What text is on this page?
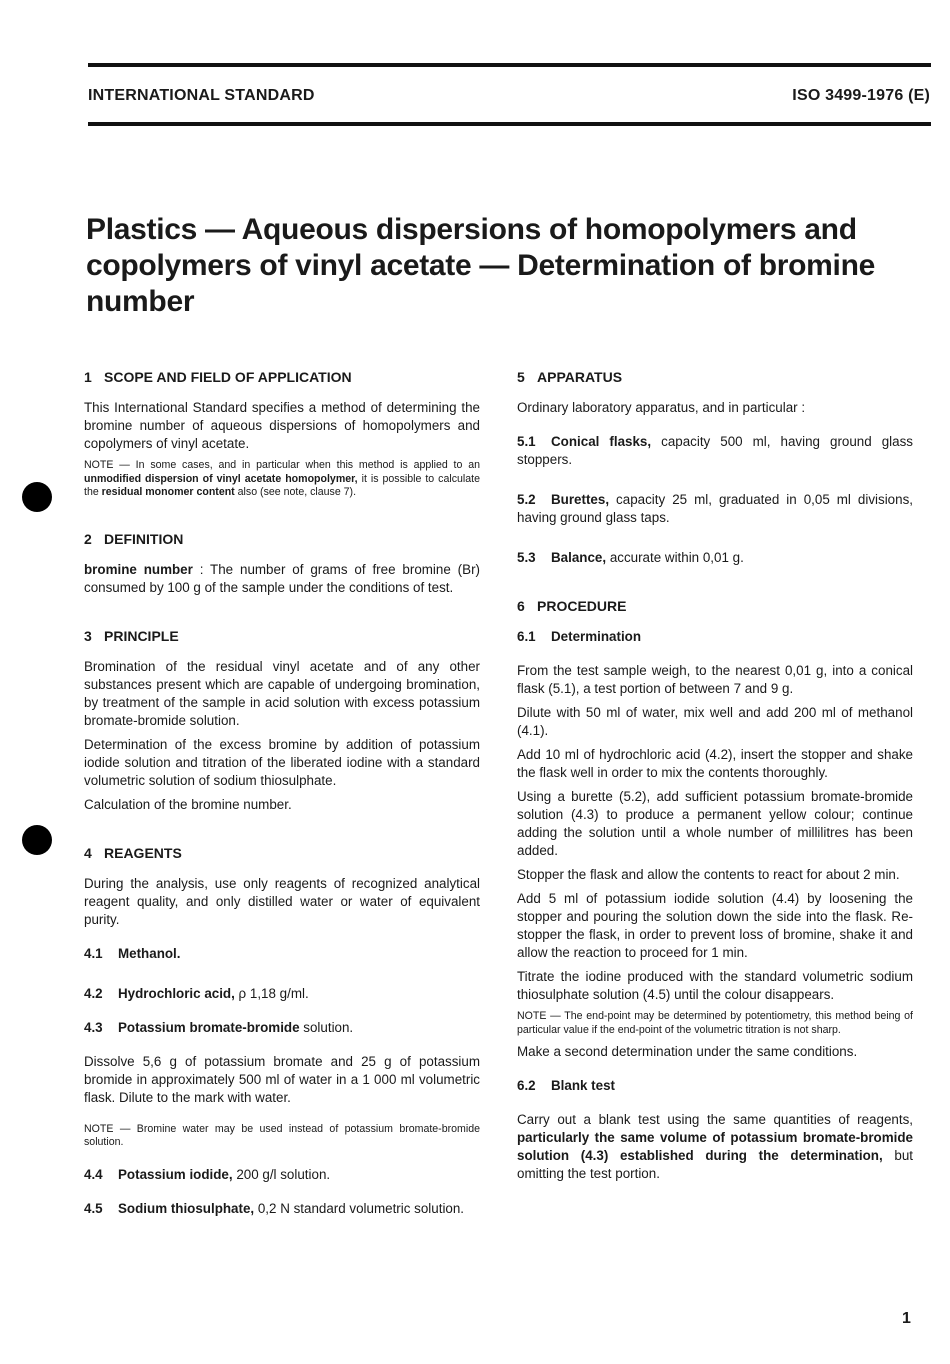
INTERNATIONAL STANDARD	ISO 3499-1976 (E)
Plastics — Aqueous dispersions of homopolymers and copolymers of vinyl acetate — Determination of bromine number
1 SCOPE AND FIELD OF APPLICATION
This International Standard specifies a method of determining the bromine number of aqueous dispersions of homopolymers and copolymers of vinyl acetate.
NOTE — In some cases, and in particular when this method is applied to an unmodified dispersion of vinyl acetate homopolymer, it is possible to calculate the residual monomer content also (see note, clause 7).
2 DEFINITION
bromine number : The number of grams of free bromine (Br) consumed by 100 g of the sample under the conditions of test.
3 PRINCIPLE
Bromination of the residual vinyl acetate and of any other substances present which are capable of undergoing bromination, by treatment of the sample in acid solution with excess potassium bromate-bromide solution.
Determination of the excess bromine by addition of potassium iodide solution and titration of the liberated iodine with a standard volumetric solution of sodium thiosulphate.
Calculation of the bromine number.
4 REAGENTS
During the analysis, use only reagents of recognized analytical reagent quality, and only distilled water or water of equivalent purity.
4.1 Methanol.
4.2 Hydrochloric acid, ρ 1,18 g/ml.
4.3 Potassium bromate-bromide solution.
Dissolve 5,6 g of potassium bromate and 25 g of potassium bromide in approximately 500 ml of water in a 1 000 ml volumetric flask. Dilute to the mark with water.
NOTE — Bromine water may be used instead of potassium bromate-bromide solution.
4.4 Potassium iodide, 200 g/l solution.
4.5 Sodium thiosulphate, 0,2 N standard volumetric solution.
5 APPARATUS
Ordinary laboratory apparatus, and in particular :
5.1 Conical flasks, capacity 500 ml, having ground glass stoppers.
5.2 Burettes, capacity 25 ml, graduated in 0,05 ml divisions, having ground glass taps.
5.3 Balance, accurate within 0,01 g.
6 PROCEDURE
6.1 Determination
From the test sample weigh, to the nearest 0,01 g, into a conical flask (5.1), a test portion of between 7 and 9 g.
Dilute with 50 ml of water, mix well and add 200 ml of methanol (4.1).
Add 10 ml of hydrochloric acid (4.2), insert the stopper and shake the flask well in order to mix the contents thoroughly.
Using a burette (5.2), add sufficient potassium bromate-bromide solution (4.3) to produce a permanent yellow colour; continue adding the solution until a whole number of millilitres has been added.
Stopper the flask and allow the contents to react for about 2 min.
Add 5 ml of potassium iodide solution (4.4) by loosening the stopper and pouring the solution down the side into the flask. Re-stopper the flask, in order to prevent loss of bromine, shake it and allow the reaction to proceed for 1 min.
Titrate the iodine produced with the standard volumetric sodium thiosulphate solution (4.5) until the colour disappears.
NOTE — The end-point may be determined by potentiometry, this method being of particular value if the end-point of the volumetric titration is not sharp.
Make a second determination under the same conditions.
6.2 Blank test
Carry out a blank test using the same quantities of reagents, particularly the same volume of potassium bromate-bromide solution (4.3) established during the determination, but omitting the test portion.
1
